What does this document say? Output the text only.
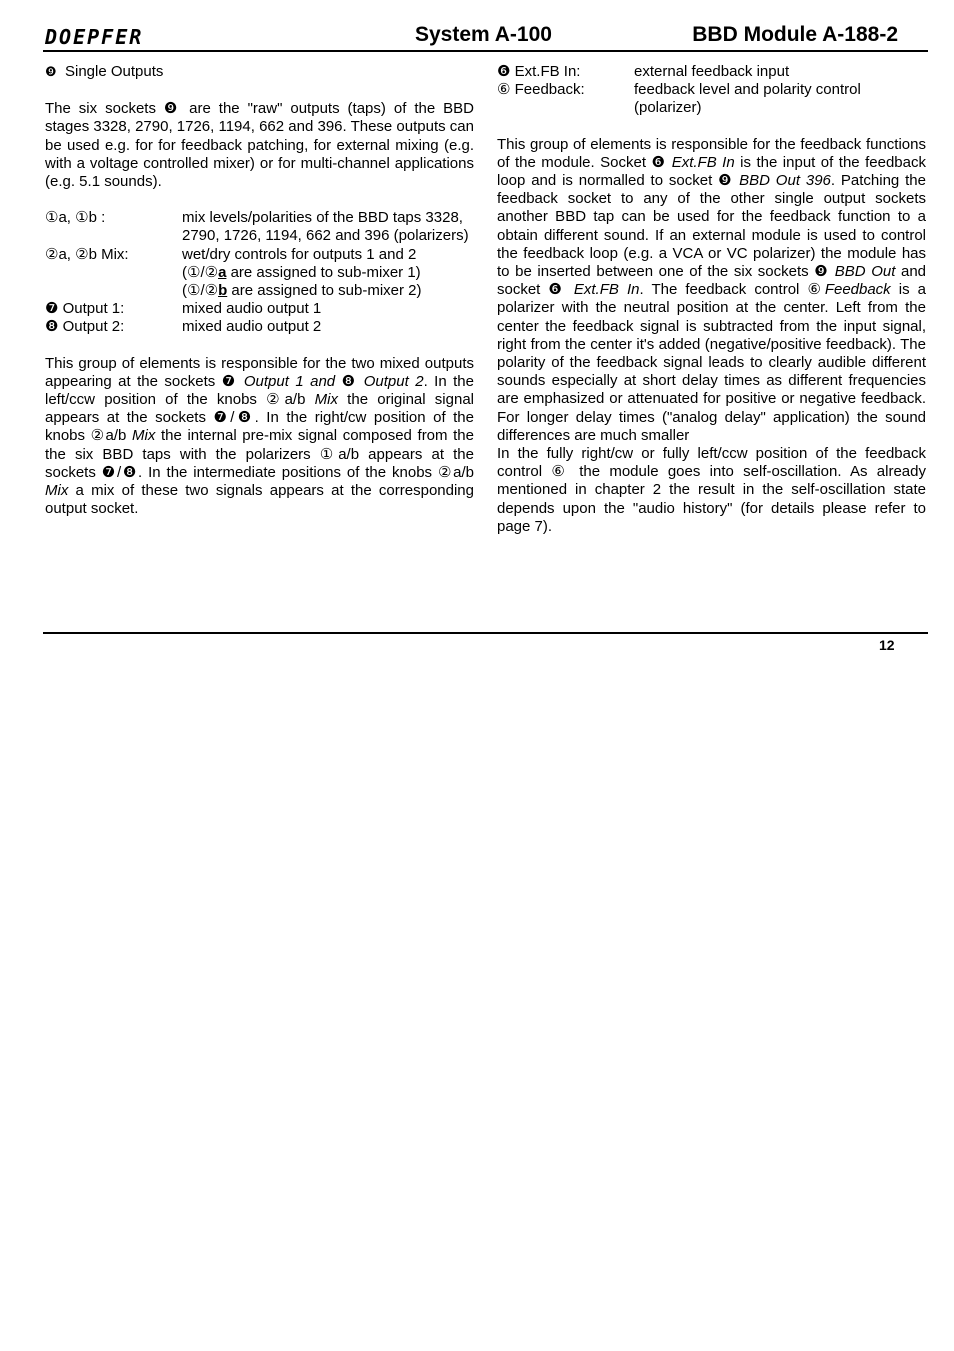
DOEPFER	System A-100	BBD Module A-188-2

❾ Single Outputs

The six sockets ❾ are the "raw" outputs (taps) of the BBD stages 3328, 2790, 1726, 1194, 662 and 396. These outputs can be used e.g. for for feedback patching, for external mixing (e.g. with a voltage controlled mixer) or for multi-channel applications (e.g. 5.1 sounds).

①a, ①b :	mix levels/polarities of the BBD taps 3328, 2790, 1726, 1194, 662 and 396 (polarizers)
②a, ②b Mix:	wet/dry controls for outputs 1 and 2
(①/②a are assigned to sub-mixer 1)
(①/②b are assigned to sub-mixer 2)
❼ Output 1:	mixed audio output 1
❽ Output 2:	mixed audio output 2

This group of elements is responsible for the two mixed outputs appearing at the sockets ❼ Output 1 and ❽ Output 2. In the left/ccw position of the knobs ②a/b Mix the original signal appears at the sockets ❼/❽. In the right/cw position of the knobs ②a/b Mix the internal pre-mix signal composed from the the six BBD taps with the polarizers ①a/b appears at the sockets ❼/❽. In the intermediate positions of the knobs ②a/b Mix a mix of these two signals appears at the corresponding output socket.

❻ Ext.FB In:	external feedback input
⑥ Feedback:	feedback level and polarity control (polarizer)

This group of elements is responsible for the feedback functions of the module. Socket ❻ Ext.FB In is the input of the feedback loop and is normalled to socket ❾ BBD Out 396. Patching the feedback socket to any of the other single output sockets another BBD tap can be used for the feedback function to a obtain different sound. If an external module is used to control the feedback loop (e.g. a VCA or VC polarizer) the module has to be inserted between one of the six sockets ❾ BBD Out and socket ❻ Ext.FB In. The feedback control ⑥Feedback is a polarizer with the neutral position at the center. Left from the center the feedback signal is subtracted from the input signal, right from the center it's added (negative/positive feedback). The polarity of the feedback signal leads to clearly audible different sounds especially at short delay times as different frequencies are emphasized or attenuated for positive or negative feedback. For longer delay times ("analog delay" application) the sound differences are much smaller

In the fully right/cw or fully left/ccw position of the feedback control ⑥ the module goes into self-oscillation. As already mentioned in chapter 2 the result in the self-oscillation state depends upon the "audio history" (for details please refer to page 7).

12
